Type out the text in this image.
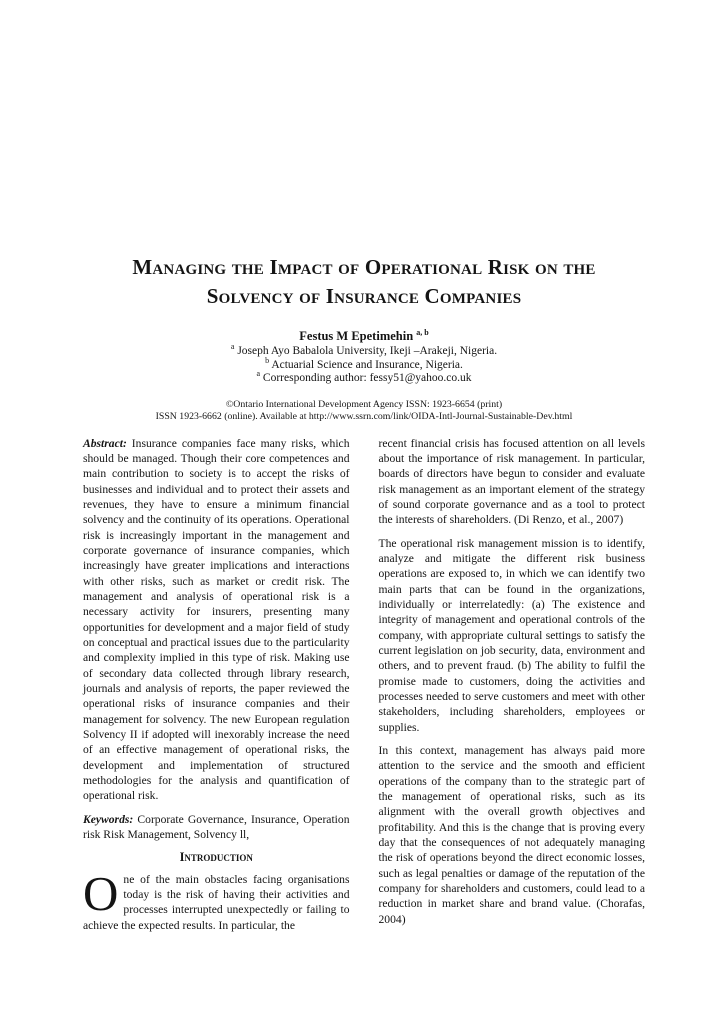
Managing the Impact of Operational Risk on the
Solvency of Insurance Companies
Festus M Epetimehin $^{a, b}$
$^a$ Joseph Ayo Babalola University, Ikeji –Arakeji, Nigeria.
$^b$ Actuarial Science and Insurance, Nigeria.
$^a$ Corresponding author: fessy51@yahoo.co.uk
©Ontario International Development Agency ISSN: 1923-6654 (print)
ISSN 1923-6662 (online). Available at http://www.ssrn.com/link/OIDA-Intl-Journal-Sustainable-Dev.html

Abstract: Insurance companies face many risks, which should be managed. Though their core competences and main contribution to society is to accept the risks of businesses and individual and to protect their assets and revenues, they have to ensure a minimum financial solvency and the continuity of its operations. Operational risk is increasingly important in the management and corporate governance of insurance companies, which increasingly have greater implications and interactions with other risks, such as market or credit risk. The management and analysis of operational risk is a necessary activity for insurers, presenting many opportunities for development and a major field of study on conceptual and practical issues due to the particularity and complexity implied in this type of risk. Making use of secondary data collected through library research, journals and analysis of reports, the paper reviewed the operational risks of insurance companies and their management for solvency. The new European regulation Solvency II if adopted will inexorably increase the need of an effective management of operational risks, the development and implementation of structured methodologies for the analysis and quantification of operational risk.

Keywords: Corporate Governance, Insurance, Operation risk Risk Management, Solvency ll,

Introduction

One of the main obstacles facing organisations today is the risk of having their activities and processes interrupted unexpectedly or failing to achieve the expected results. In particular, the

recent financial crisis has focused attention on all levels about the importance of risk management. In particular, boards of directors have begun to consider and evaluate risk management as an important element of the strategy of sound corporate governance and as a tool to protect the interests of shareholders. (Di Renzo, et al., 2007)

The operational risk management mission is to identify, analyze and mitigate the different risk business operations are exposed to, in which we can identify two main parts that can be found in the organizations, individually or interrelatedly: (a) The existence and integrity of management and operational controls of the company, with appropriate cultural settings to satisfy the current legislation on job security, data, environment and others, and to prevent fraud. (b) The ability to fulfil the promise made to customers, doing the activities and processes needed to serve customers and meet with other stakeholders, including shareholders, employees or supplies.

In this context, management has always paid more attention to the service and the smooth and efficient operations of the company than to the strategic part of the management of operational risks, such as its alignment with the overall growth objectives and profitability. And this is the change that is proving every day that the consequences of not adequately managing the risk of operations beyond the direct economic losses, such as legal penalties or damage of the reputation of the company for shareholders and customers, could lead to a reduction in market share and brand value. (Chorafas, 2004)
